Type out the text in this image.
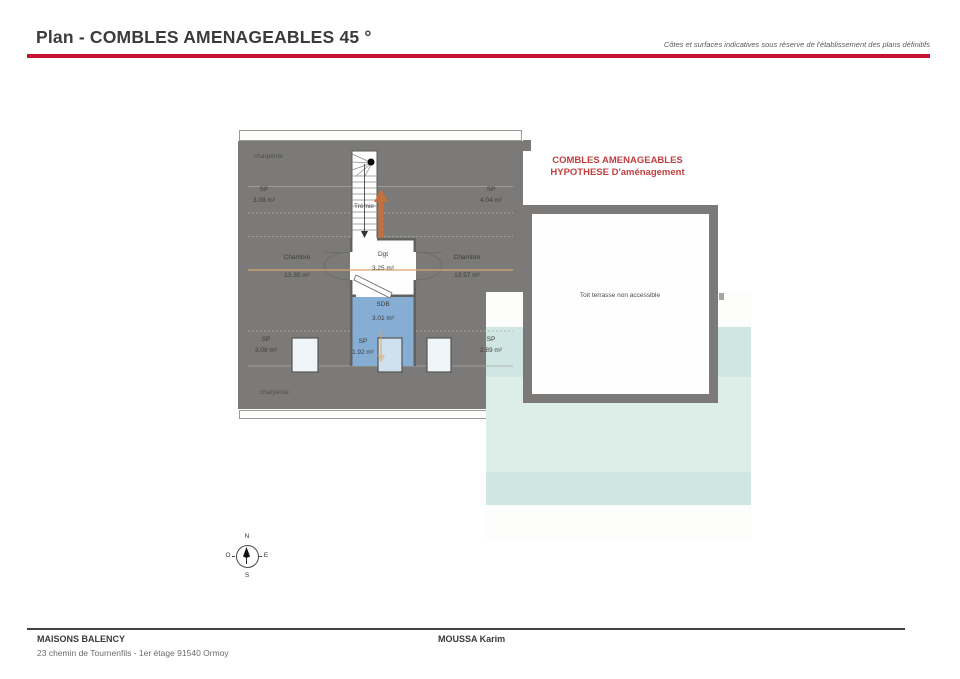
Plan - COMBLES AMENAGEABLES 45 °	Côtes et surfaces indicatives sous réserve de l'établissement des plans définitifs
Toit terrasse non accessible
COMBLES AMENAGEABLES
HYPOTHESE D'aménagement
charpente
charpente
Trémie
SP
3.08 m²
SP
4.04 m²
Chambre
13.35 m²
Chambre
13.57 m²
Dgt
3.25 m²
SDB
3.01 m²
SP
3.08 m²
SP
1.92 m²
SP
2.89 m²
N
S
O	E
MAISONS BALENCY
23 chemin de Tournenfils - 1er étage 91540 Ormoy
MOUSSA Karim
